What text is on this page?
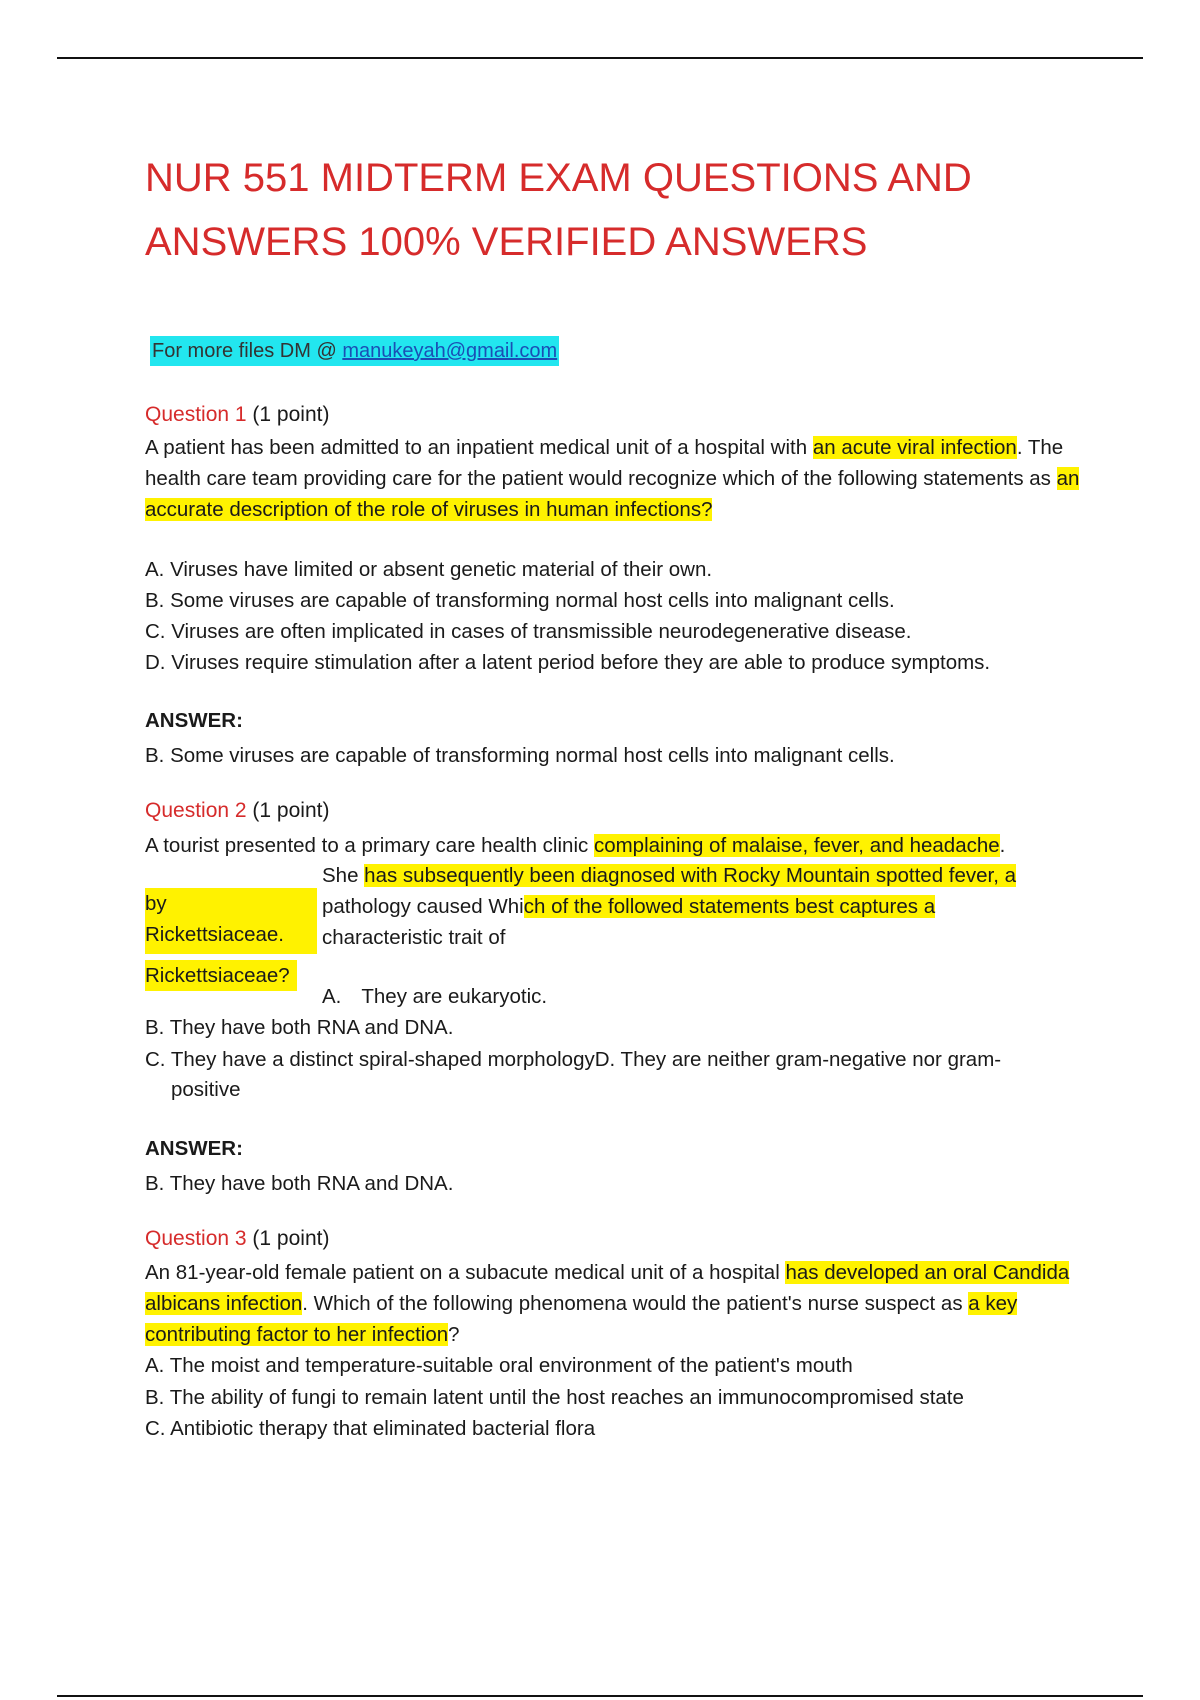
NUR 551 MIDTERM EXAM QUESTIONS AND
ANSWERS 100% VERIFIED ANSWERS
For more files DM @ manukeyah@gmail.com
Question 1 (1 point)
A patient has been admitted to an inpatient medical unit of a hospital with an acute viral infection. The health care team providing care for the patient would recognize which of the following statements as an accurate description of the role of viruses in human infections?
A. Viruses have limited or absent genetic material of their own.
B. Some viruses are capable of transforming normal host cells into malignant cells.
C. Viruses are often implicated in cases of transmissible neurodegenerative disease.
D. Viruses require stimulation after a latent period before they are able to produce symptoms.
ANSWER:
B. Some viruses are capable of transforming normal host cells into malignant cells.
Question 2 (1 point)
A tourist presented to a primary care health clinic complaining of malaise, fever, and headache.
She has subsequently been diagnosed with Rocky Mountain spotted fever, a
pathology caused Which of the followed statements best captures a
characteristic trait of
by
Rickettsiaceae.
Rickettsiaceae?
A. They are eukaryotic.
B. They have both RNA and DNA.
C. They have a distinct spiral-shaped morphologyD. They are neither gram-negative nor gram-
positive
ANSWER:
B. They have both RNA and DNA.
Question 3 (1 point)
An 81-year-old female patient on a subacute medical unit of a hospital has developed an oral Candida albicans infection. Which of the following phenomena would the patient's nurse suspect as a key contributing factor to her infection?
A. The moist and temperature-suitable oral environment of the patient's mouth
B. The ability of fungi to remain latent until the host reaches an immunocompromised state
C. Antibiotic therapy that eliminated bacterial flora
